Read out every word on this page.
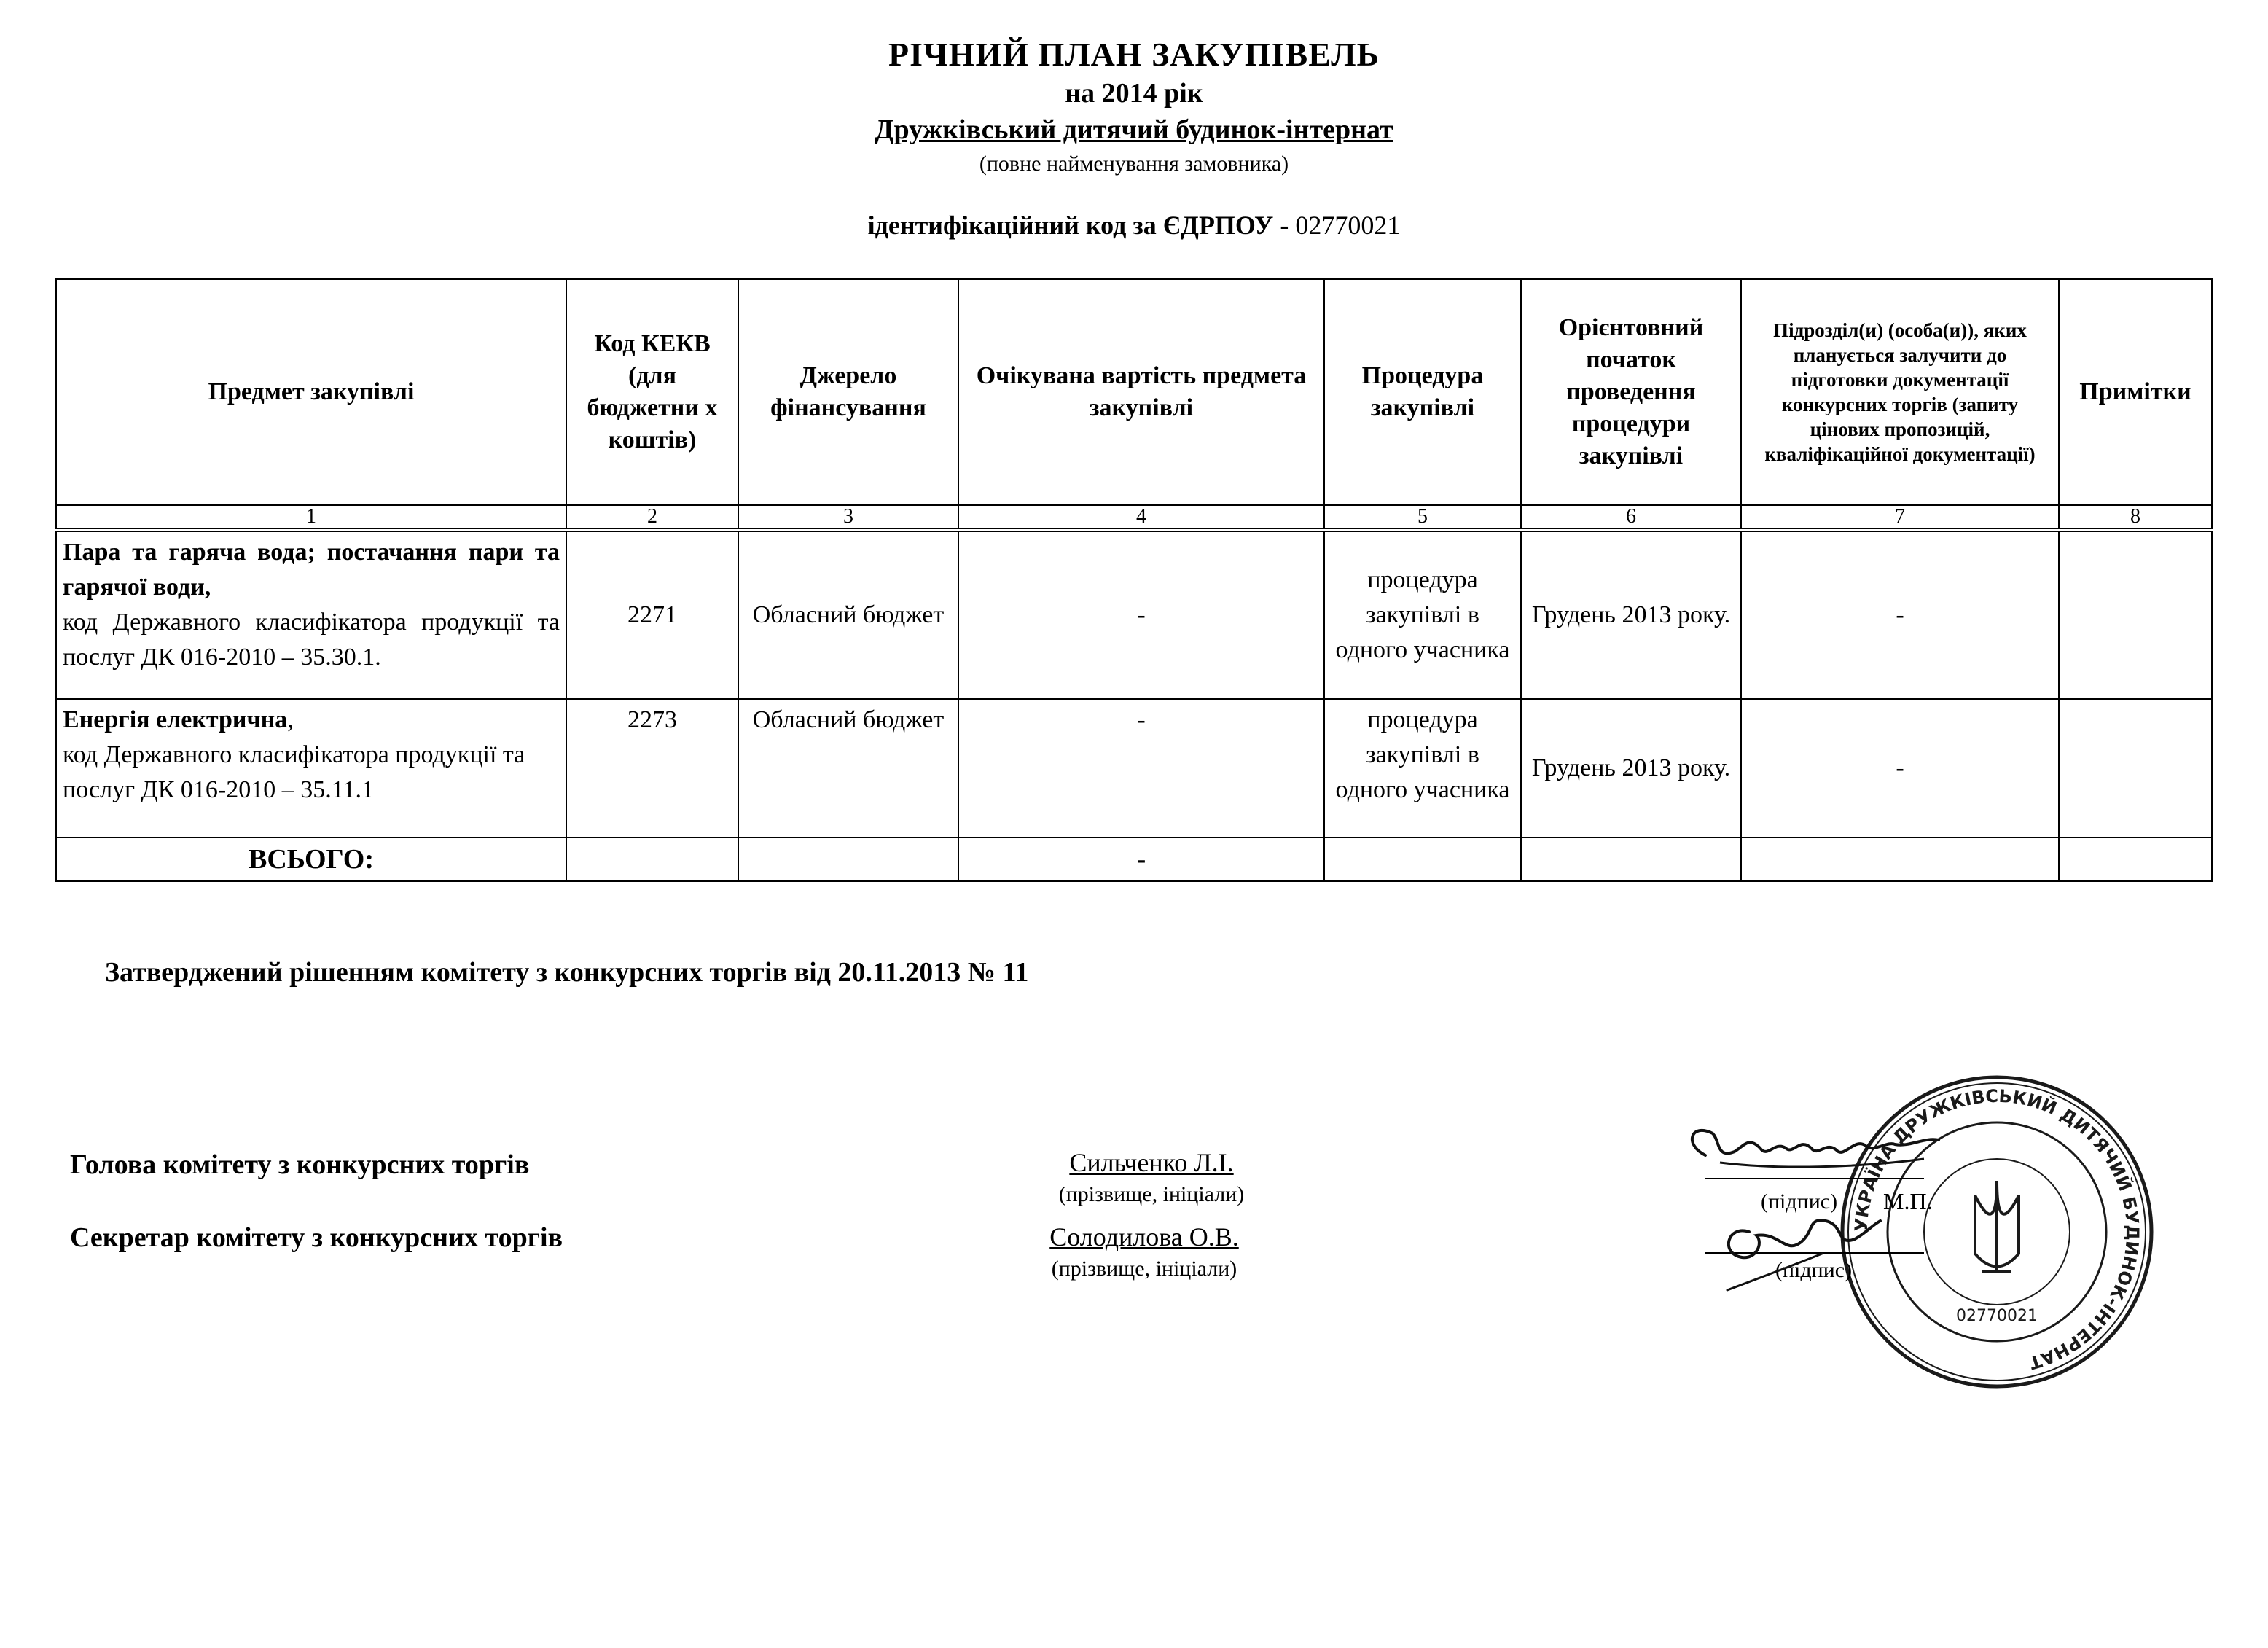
РІЧНИЙ ПЛАН ЗАКУПІВЕЛЬ
на 2014 рік
Дружківський дитячий будинок-інтернат
(повне найменування замовника)
ідентифікаційний код за ЄДРПОУ - 02770021
Предмет закупівлі	Код КЕКВ (для бюджетни х коштів)	Джерело фінансування	Очікувана вартість предмета закупівлі	Процедура закупівлі	Орієнтовний початок проведення процедури закупівлі	Підрозділ(и) (особа(и)), яких планується залучити до підготовки документації конкурсних торгів (запиту цінових пропозицій, кваліфікаційної документації)	Примітки
1	2	3	4	5	6	7	8
Пара та гаряча вода; постачання пари та гарячої води,
код Державного класифікатора продукції та послуг ДК 016-2010 – 35.30.1.	2271	Обласний бюджет	-	процедура закупівлі в одного учасника	Грудень 2013 року.	-	
Енергія електрична,
код Державного класифікатора продукції та послуг ДК 016-2010 – 35.11.1	2273	Обласний бюджет	-	процедура закупівлі в одного учасника	Грудень 2013 року.	-	
ВСЬОГО:			-				
Затверджений рішенням комітету з конкурсних торгів від 20.11.2013 № 11
Голова комітету з конкурсних торгів	Сильченко Л.І.
(прізвище, ініціали)
Секретар комітету з конкурсних торгів	Солодилова О.В.
(прізвище, ініціали)
УКРАЇНА ДРУЖКІВСЬКИЙ ДИТЯЧИЙ БУДИНОК-ІНТЕРНАТ
02770021
(підпис)
(підпис)
М.П.
